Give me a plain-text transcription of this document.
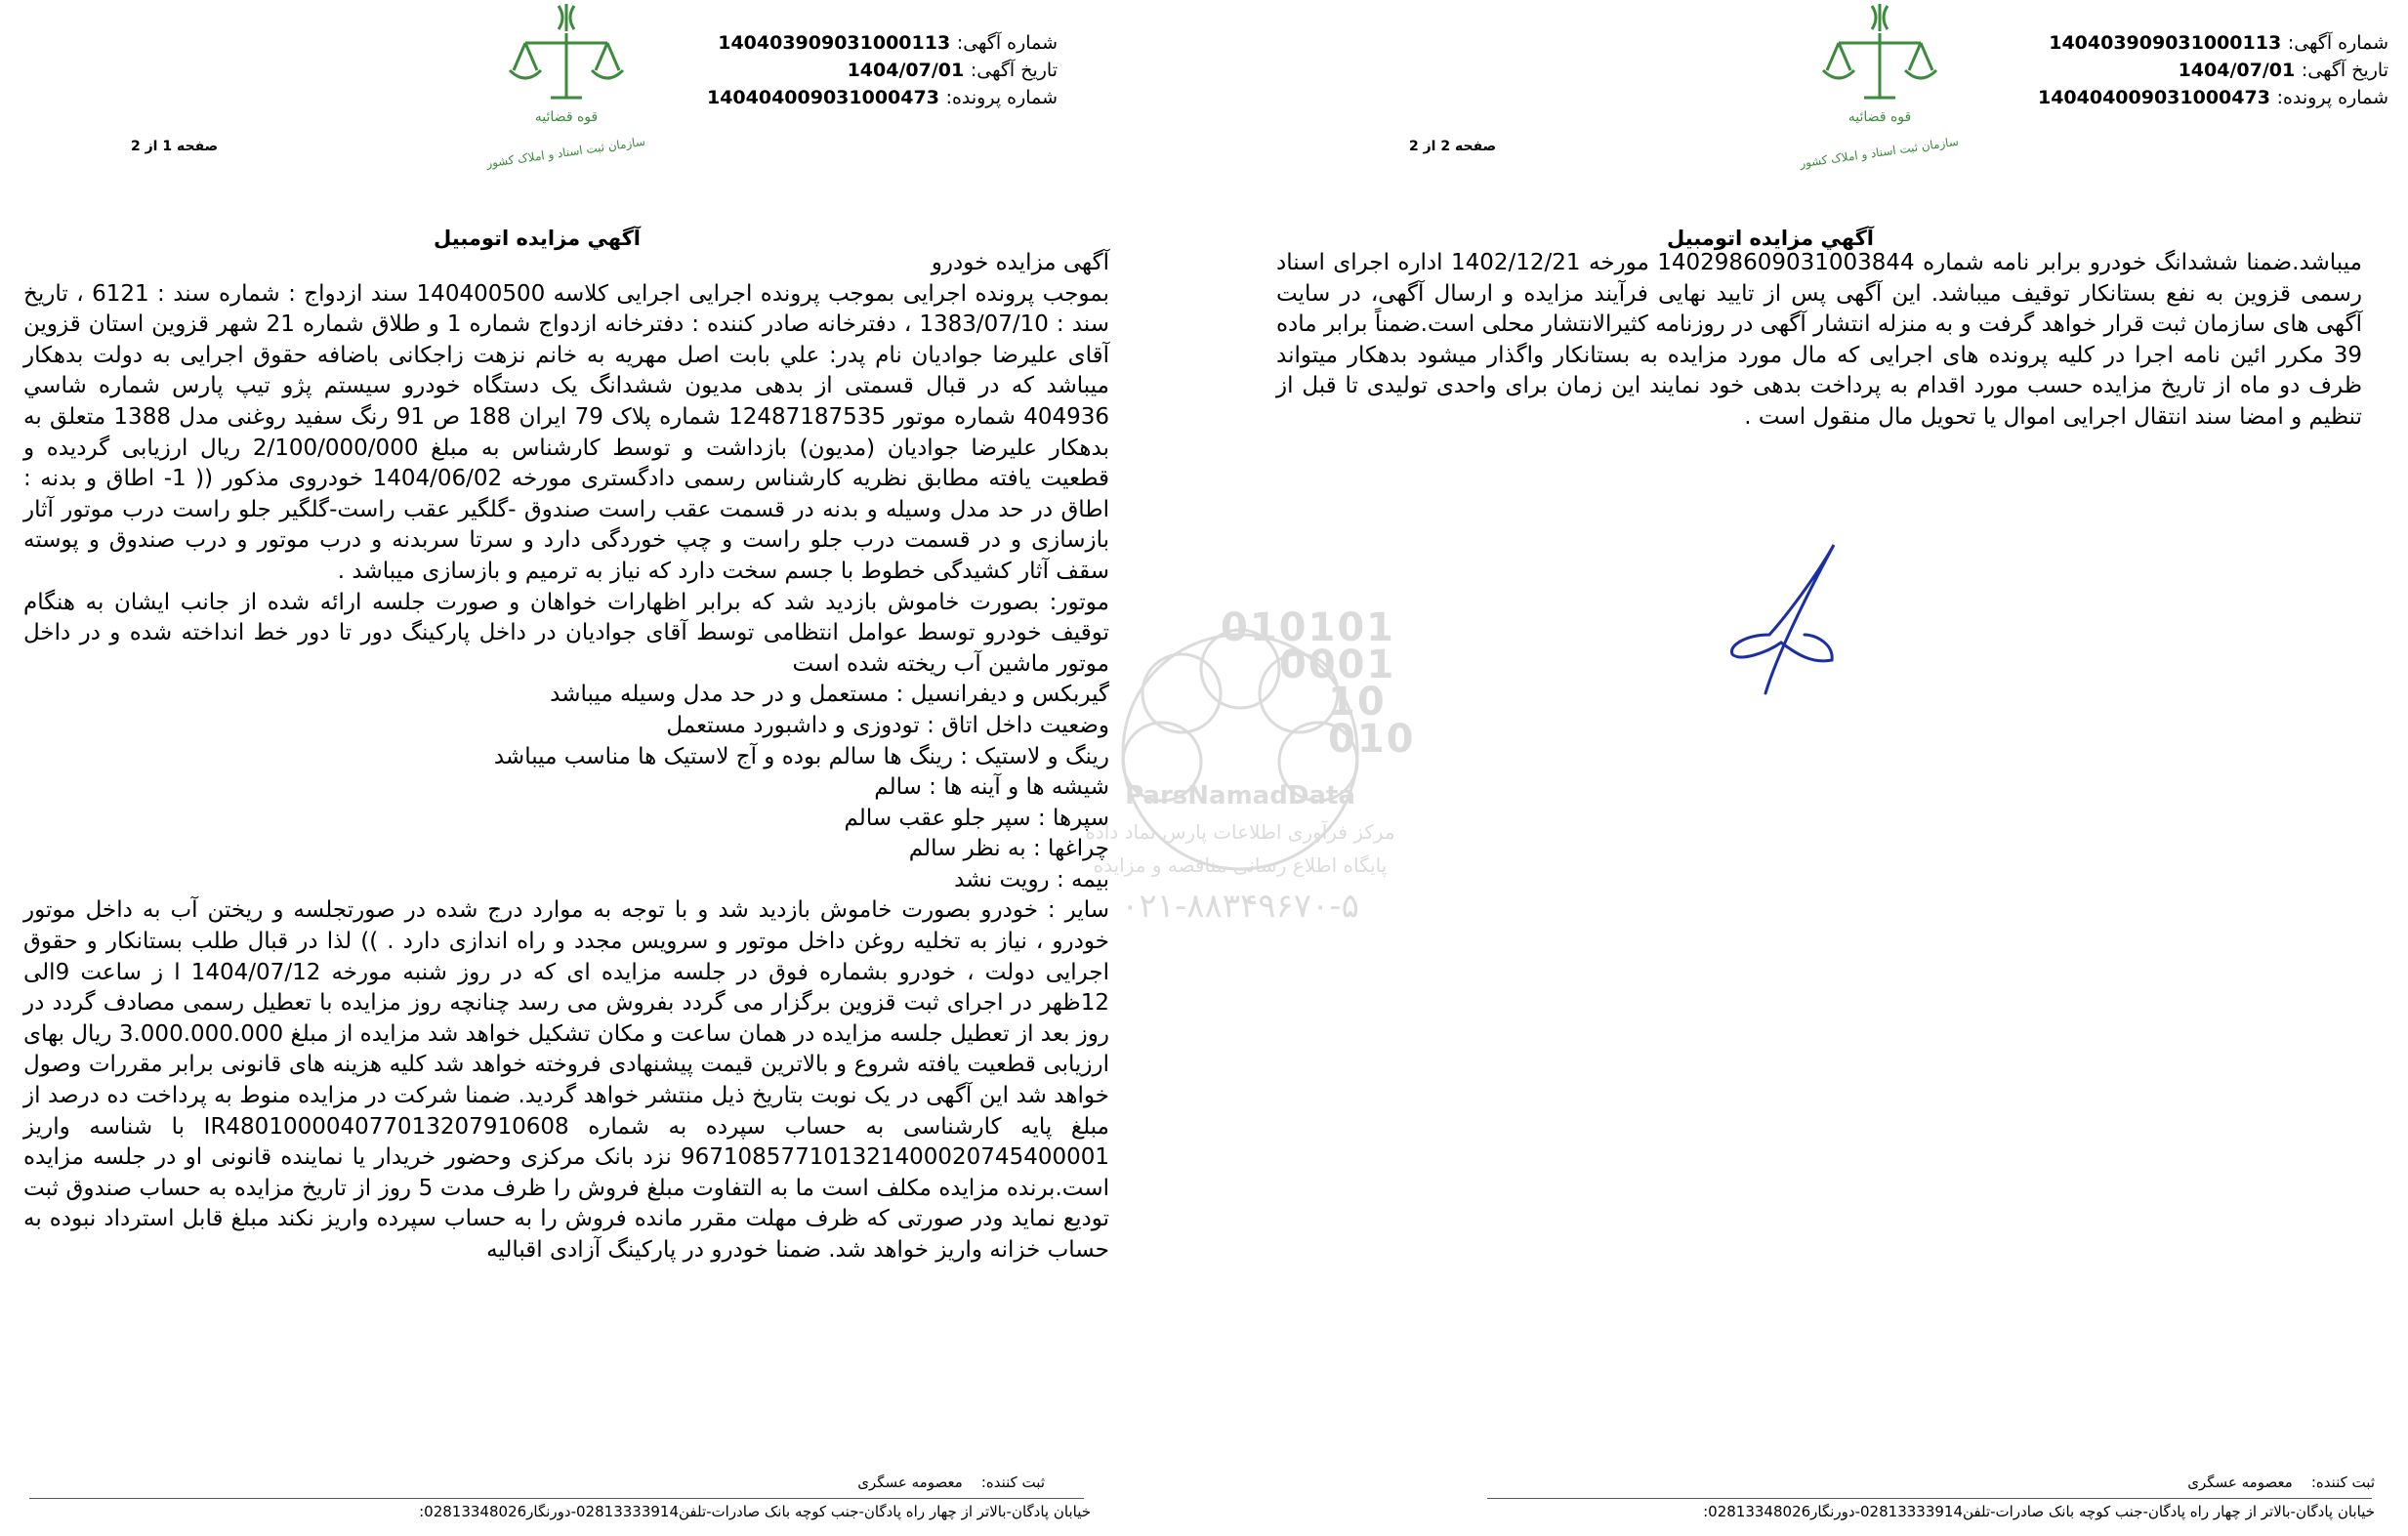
شماره آگهی: 140403909031000113
تاریخ آگهی: 1404/07/01
شماره پرونده: 140404009031000473
قوه قضائیه
سازمان ثبت اسناد و املاک کشور
صفحه 1 از 2
آگهي مزايده اتومبيل

آگهی مزایده خودرو

بموجب پرونده اجرایی بموجب پرونده اجرایی اجرایی کلاسه 140400500 سند ازدواج : شماره سند : 6121 ، تاریخ سند : 1383/07/10 ، دفترخانه صادر کننده : دفترخانه ازدواج شماره 1 و طلاق شماره 21 شهر قزوین استان قزوین آقای علیرضا جوادیان نام پدر: علي بابت اصل مهریه به خانم نزهت زاجکانی باضافه حقوق اجرایی به دولت بدهکار میباشد که در قبال قسمتی از بدهی مدیون ششدانگ یک دستگاه خودرو سیستم پژو تیپ پارس شماره شاسي 404936 شماره موتور 12487187535 شماره پلاک 79 ایران 188 ص 91 رنگ سفید روغنی مدل 1388 متعلق به بدهکار علیرضا جوادیان (مدیون) بازداشت و توسط کارشناس به مبلغ 2/100/000/000 ریال ارزیابی گردیده و قطعیت یافته مطابق نظریه کارشناس رسمی دادگستری مورخه 1404/06/02 خودروی مذکور (( 1- اطاق و بدنه : اطاق در حد مدل وسیله و بدنه در قسمت عقب راست صندوق -گلگیر عقب راست-گلگیر جلو راست درب موتور آثار بازسازی و در قسمت درب جلو راست و چپ خوردگی دارد و سرتا سربدنه و درب موتور و درب صندوق و پوسته سقف آثار کشیدگی خطوط با جسم سخت دارد که نیاز به ترمیم و بازسازی میباشد .

موتور: بصورت خاموش بازدید شد که برابر اظهارات خواهان و صورت جلسه ارائه شده از جانب ایشان به هنگام توقیف خودرو توسط عوامل انتظامی توسط آقای جوادیان در داخل پارکینگ دور تا دور خط انداخته شده و در داخل موتور ماشین آب ریخته شده است

گیربکس و دیفرانسیل : مستعمل و در حد مدل وسیله میباشد

وضعیت داخل اتاق : تودوزی و داشبورد مستعمل

رینگ و لاستیک : رینگ ها سالم بوده و آج لاستیک ها مناسب میباشد

شیشه ها و آینه ها : سالم

سپرها : سپر جلو عقب سالم

چراغها : به نظر سالم

بیمه : رویت نشد

سایر : خودرو بصورت خاموش بازدید شد و با توجه به موارد درج شده در صورتجلسه و ریختن آب به داخل موتور خودرو ، نیاز به تخلیه روغن داخل موتور و سرویس مجدد و راه اندازی دارد . )) لذا در قبال طلب بستانکار و حقوق اجرایی دولت ، خودرو بشماره فوق در جلسه مزایده ای که در روز شنبه مورخه 1404/07/12 ا ز ساعت 9الی 12ظهر در اجرای ثبت قزوین برگزار می گردد بفروش می رسد چنانچه روز مزایده با تعطیل رسمی مصادف گردد در روز بعد از تعطیل جلسه مزایده در همان ساعت و مکان تشکیل خواهد شد مزایده از مبلغ 3.000.000.000 ریال بهای ارزیابی قطعیت یافته شروع و بالاترین قیمت پیشنهادی فروخته خواهد شد کلیه هزینه های قانونی برابر مقررات وصول خواهد شد این آگهی در یک نوبت بتاریخ ذیل منتشر خواهد گردید. ضمنا شرکت در مزایده منوط به پرداخت ده درصد از مبلغ پایه کارشناسی به حساب سپرده به شماره IR480100004077013207910608 با شناسه واریز 967108577101321400020745400001 نزد بانک مرکزی وحضور خریدار یا نماینده قانونی او در جلسه مزایده است.برنده مزایده مکلف است ما به التفاوت مبلغ فروش را ظرف مدت 5 روز از تاریخ مزایده به حساب صندوق ثبت تودیع نماید ودر صورتی که ظرف مهلت مقرر مانده فروش را به حساب سپرده واریز نکند مبلغ قابل استرداد نبوده به حساب خزانه واریز خواهد شد. ضمنا خودرو در پارکینگ آزادی اقبالیه

ثبت کننده:    معصومه عسگری
خیابان پادگان-بالاتر از چهار راه پادگان-جنب کوچه بانک صادرات-تلفن02813333914-دورنگار02813348026:
شماره آگهی: 140403909031000113
تاریخ آگهی: 1404/07/01
شماره پرونده: 140404009031000473
قوه قضائیه
سازمان ثبت اسناد و املاک کشور
صفحه 2 از 2
آگهي مزايده اتومبيل

میباشد.ضمنا ششدانگ خودرو برابر نامه شماره 140298609031003844 مورخه 1402/12/21 اداره اجرای اسناد رسمی قزوین به نفع بستانکار توقیف میباشد. این آگهی پس از تایید نهایی فرآیند مزایده و ارسال آگهی، در سایت آگهی های سازمان ثبت قرار خواهد گرفت و به منزله انتشار آگهی در روزنامه کثیرالانتشار محلی است.ضمناً برابر ماده 39 مکرر ائین نامه اجرا در کلیه پرونده های اجرایی که مال مورد مزایده به بستانکار واگذار میشود بدهکار میتواند ظرف دو ماه از تاریخ مزایده حسب مورد اقدام به پرداخت بدهی خود نمایند این زمان برای واحدی تولیدی تا قبل از تنظیم و امضا سند انتقال اجرایی اموال یا تحویل مال منقول است .

ثبت کننده:    معصومه عسگری
خیابان پادگان-بالاتر از چهار راه پادگان-جنب کوچه بانک صادرات-تلفن02813333914-دورنگار02813348026:
010101
0001
10
010
ParsNamadData
مرکز فرآوری اطلاعات پارس نماد داده
پایگاه اطلاع رسانی مناقصه و مزایده
۰۲۱-۸۸۳۴۹۶۷۰-۵
